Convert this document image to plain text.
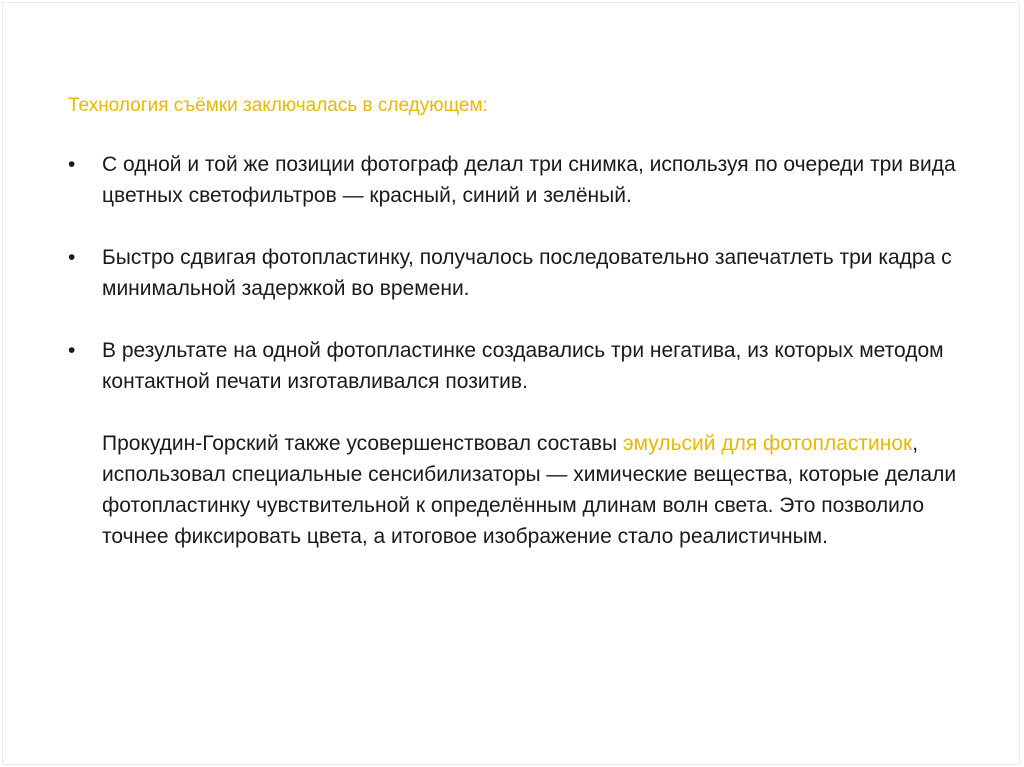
Технология съёмки заключалась в следующем:

•	С одной и той же позиции фотограф делал три снимка, используя по очереди три вида цветных светофильтров — красный, синий и зелёный.
•	Быстро сдвигая фотопластинку, получалось последовательно запечатлеть три кадра с минимальной задержкой во времени.
•	В результате на одной фотопластинке создавались три негатива, из которых методом контактной печати изготавливался позитив.

Прокудин-Горский также усовершенствовал составы эмульсий для фотопластинок, использовал специальные сенсибилизаторы — химические вещества, которые делали фотопластинку чувствительной к определённым длинам волн света. Это позволило точнее фиксировать цвета, а итоговое изображение стало реалистичным.
